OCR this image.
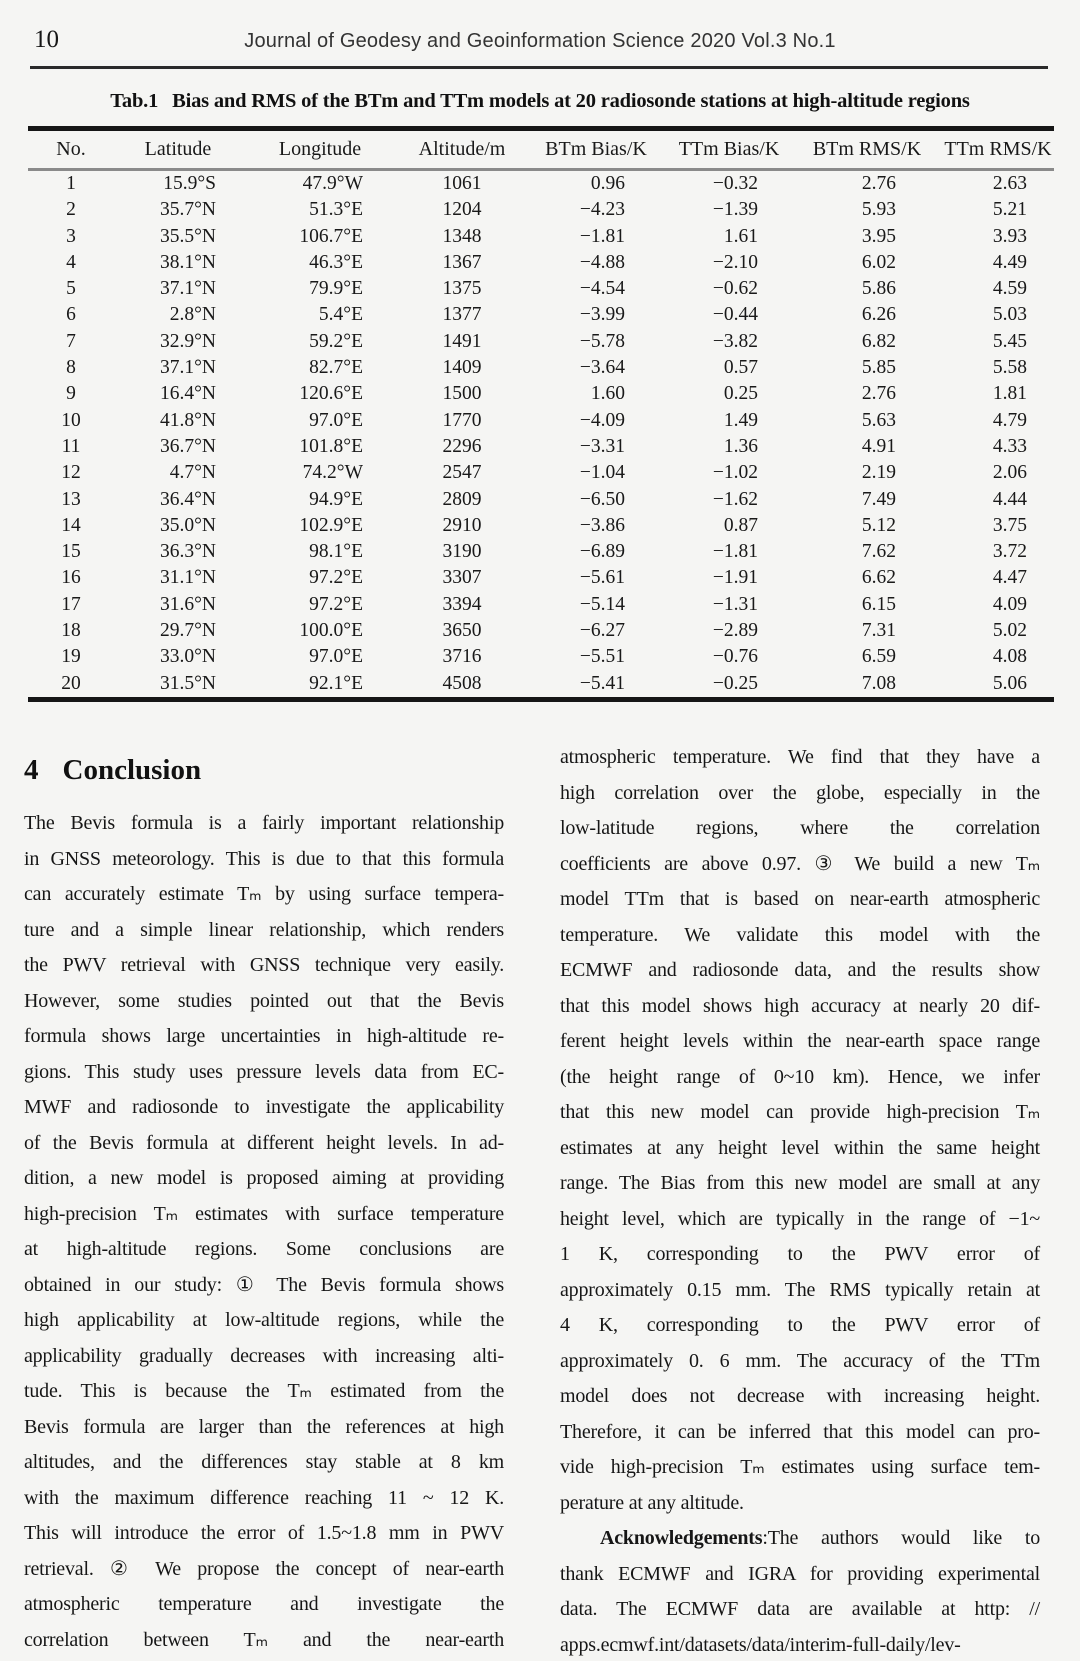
10	Journal of Geodesy and Geoinformation Science 2020 Vol.3 No.1
Tab.1 Bias and RMS of the BTm and TTm models at 20 radiosonde stations at high-altitude regions
No.	Latitude	Longitude	Altitude/m	BTm Bias/K	TTm Bias/K	BTm RMS/K	TTm RMS/K
1	15.9°S	47.9°W	1061	0.96	−0.32	2.76	2.63
2	35.7°N	51.3°E	1204	−4.23	−1.39	5.93	5.21
3	35.5°N	106.7°E	1348	−1.81	1.61	3.95	3.93
4	38.1°N	46.3°E	1367	−4.88	−2.10	6.02	4.49
5	37.1°N	79.9°E	1375	−4.54	−0.62	5.86	4.59
6	2.8°N	5.4°E	1377	−3.99	−0.44	6.26	5.03
7	32.9°N	59.2°E	1491	−5.78	−3.82	6.82	5.45
8	37.1°N	82.7°E	1409	−3.64	0.57	5.85	5.58
9	16.4°N	120.6°E	1500	1.60	0.25	2.76	1.81
10	41.8°N	97.0°E	1770	−4.09	1.49	5.63	4.79
11	36.7°N	101.8°E	2296	−3.31	1.36	4.91	4.33
12	4.7°N	74.2°W	2547	−1.04	−1.02	2.19	2.06
13	36.4°N	94.9°E	2809	−6.50	−1.62	7.49	4.44
14	35.0°N	102.9°E	2910	−3.86	0.87	5.12	3.75
15	36.3°N	98.1°E	3190	−6.89	−1.81	7.62	3.72
16	31.1°N	97.2°E	3307	−5.61	−1.91	6.62	4.47
17	31.6°N	97.2°E	3394	−5.14	−1.31	6.15	4.09
18	29.7°N	100.0°E	3650	−6.27	−2.89	7.31	5.02
19	33.0°N	97.0°E	3716	−5.51	−0.76	6.59	4.08
20	31.5°N	92.1°E	4508	−5.41	−0.25	7.08	5.06
4 Conclusion
The Bevis formula is a fairly important relationship
in GNSS meteorology. This is due to that this formula
can accurately estimate Tₘ by using surface tempera-
ture and a simple linear relationship, which renders
the PWV retrieval with GNSS technique very easily.
However, some studies pointed out that the Bevis
formula shows large uncertainties in high-altitude re-
gions. This study uses pressure levels data from EC-
MWF and radiosonde to investigate the applicability
of the Bevis formula at different height levels. In ad-
dition, a new model is proposed aiming at providing
high-precision Tₘ estimates with surface temperature
at high-altitude regions. Some conclusions are
obtained in our study: ① The Bevis formula shows
high applicability at low-altitude regions, while the
applicability gradually decreases with increasing alti-
tude. This is because the Tₘ estimated from the
Bevis formula are larger than the references at high
altitudes, and the differences stay stable at 8 km
with the maximum difference reaching 11 ~ 12 K.
This will introduce the error of 1.5~1.8 mm in PWV
retrieval. ② We propose the concept of near-earth
atmospheric temperature and investigate the
correlation between Tₘ and the near-earth
atmospheric temperature. We find that they have a
high correlation over the globe, especially in the
low-latitude regions, where the correlation
coefficients are above 0.97. ③ We build a new Tₘ
model TTm that is based on near-earth atmospheric
temperature. We validate this model with the
ECMWF and radiosonde data, and the results show
that this model shows high accuracy at nearly 20 dif-
ferent height levels within the near-earth space range
(the height range of 0~10 km). Hence, we infer
that this new model can provide high-precision Tₘ
estimates at any height level within the same height
range. The Bias from this new model are small at any
height level, which are typically in the range of −1~
1 K, corresponding to the PWV error of
approximately 0.15 mm. The RMS typically retain at
4 K, corresponding to the PWV error of
approximately 0. 6 mm. The accuracy of the TTm
model does not decrease with increasing height.
Therefore, it can be inferred that this model can pro-
vide high-precision Tₘ estimates using surface tem-
perature at any altitude.
Acknowledgements:The authors would like to
thank ECMWF and IGRA for providing experimental
data. The ECMWF data are available at http: //
apps.ecmwf.int/datasets/data/interim-full-daily/lev-
